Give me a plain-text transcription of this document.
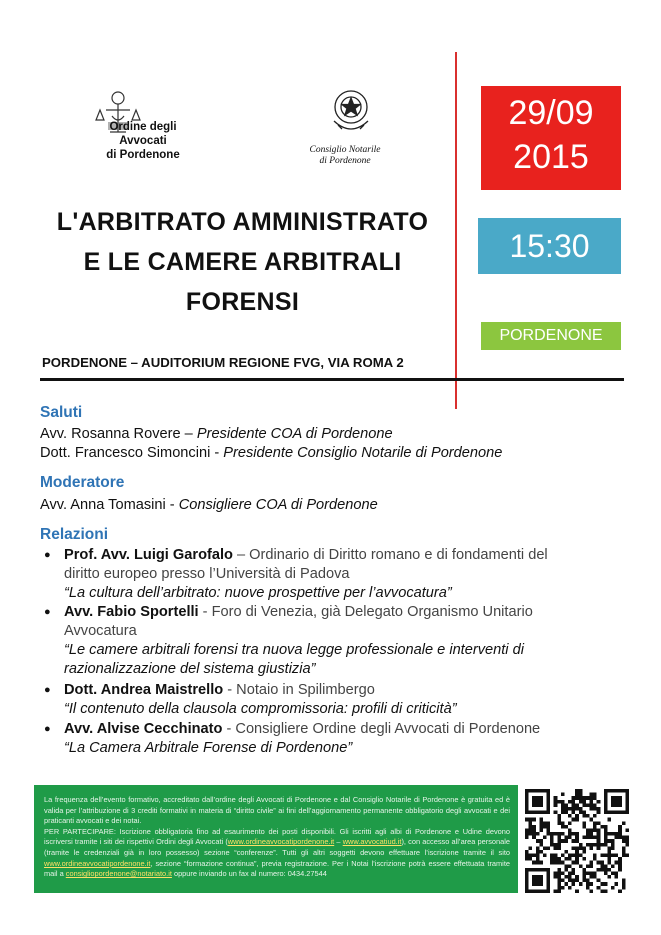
Ordine degli Avvocati
di Pordenone	Consiglio Notarile
di Pordenone
L'ARBITRATO AMMINISTRATO
E LE CAMERE ARBITRALI
FORENSI
29/09
2015
15:30
PORDENONE
PORDENONE – AUDITORIUM REGIONE FVG, VIA ROMA 2
Saluti
Avv. Rosanna Rovere – Presidente COA di Pordenone
Dott. Francesco Simoncini - Presidente Consiglio Notarile di Pordenone
Moderatore
Avv. Anna Tomasini - Consigliere COA di Pordenone
Relazioni
● Prof. Avv. Luigi Garofalo – Ordinario di Diritto romano e di fondamenti del
diritto europeo presso l’Università di Padova
“La cultura dell’arbitrato: nuove prospettive per l’avvocatura”
● Avv. Fabio Sportelli - Foro di Venezia, già Delegato Organismo Unitario
Avvocatura
“Le camere arbitrali forensi tra nuova legge professionale e interventi di
razionalizzazione del sistema giustizia”
● Dott. Andrea Maistrello - Notaio in Spilimbergo
“Il contenuto della clausola compromissoria: profili di criticità”
● Avv. Alvise Cecchinato - Consigliere Ordine degli Avvocati di Pordenone
“La Camera Arbitrale Forense di Pordenone”
La frequenza dell’evento formativo, accreditato dall’ordine degli Avvocati di Pordenone e dal Consiglio Notarile di Pordenone è gratuita ed è valida per l’attribuzione di 3 crediti formativi in materia di “diritto civile” ai fini dell’aggiornamento permanente obbligatorio degli avvocati e dei praticanti avvocati e dei notai.
PER PARTECIPARE: Iscrizione obbligatoria fino ad esaurimento dei posti disponibili. Gli iscritti agli albi di Pordenone e Udine devono iscriversi tramite i siti dei rispettivi Ordini degli Avvocati (www.ordineavvocatipordenone.it – www.avvocatiud.it), con accesso all’area personale (tramite le credenziali già in loro possesso) sezione “conferenze”. Tutti gli altri soggetti devono effettuare l’iscrizione tramite il sito www.ordineavvocatipordenone.it, sezione “formazione continua”, previa registrazione. Per i Notai l’iscrizione potrà essere effettuata tramite mail a consigliopordenone@notariato.it oppure inviando un fax al numero: 0434.27544
